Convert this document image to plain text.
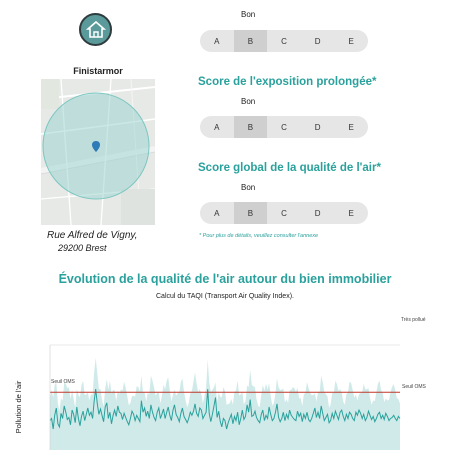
Finistarmor
Rue Alfred de Vigny,
29200 Brest
Bon
A	B	C	D	E
Score de l'exposition prolongée*
Bon
A	B	C	D	E
Score global de la qualité de l'air*
Bon
A	B	C	D	E
* Pour plus de détails, veuillez consulter l'annexe
Évolution de la qualité de l'air autour du bien immobilier
Calcul du TAQI (Transport Air Quality Index).
Très pollué
Pollution de l'air	Seuil OMS
Seuil OMS
